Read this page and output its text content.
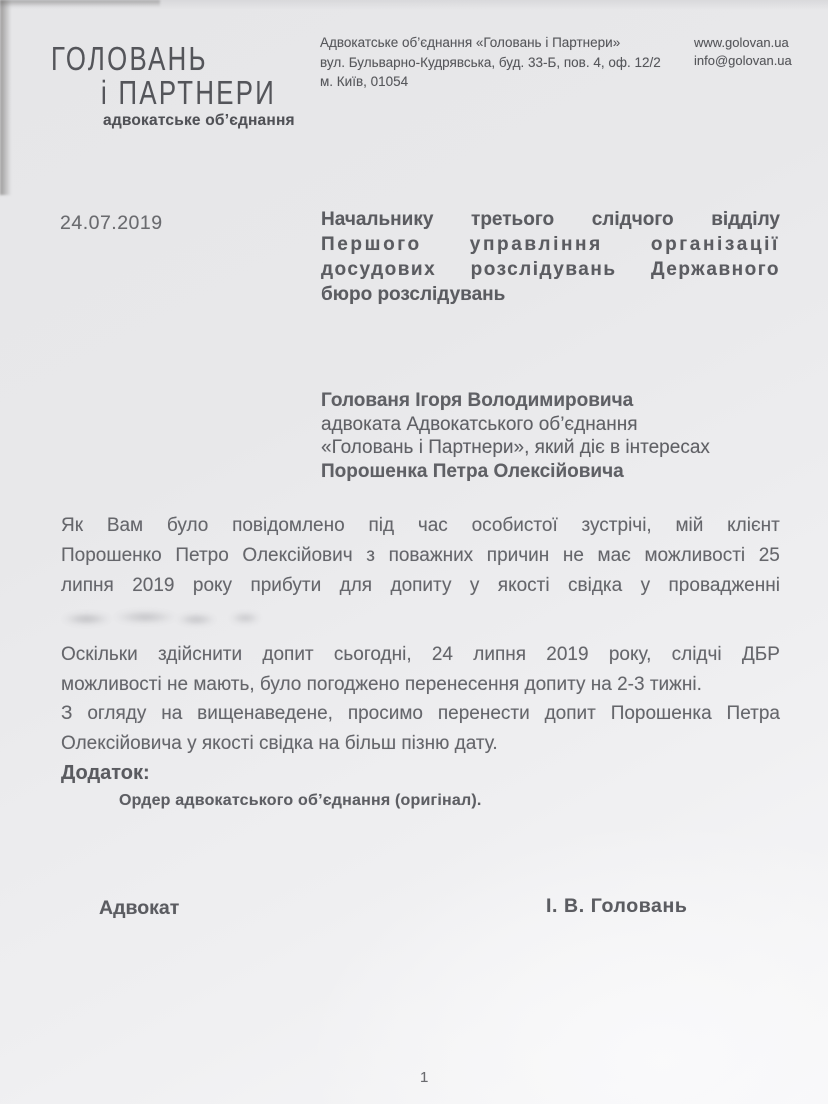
ГОЛОВАНЬ
і ПАРТНЕРИ
адвокатське об’єднання
Адвокатське об’єднання «Головань і Партнери»
вул. Бульварно-Кудрявська, буд. 33-Б, пов. 4, оф. 12/2
м. Київ, 01054
www.golovan.ua
info@golovan.ua
24.07.2019	Начальнику третього слідчого відділу
Першого	управління	організації
досудових розслідувань Державного
бюро розслідувань
Голованя Ігоря Володимировича
адвоката Адвокатського об’єднання
«Головань і Партнери», який діє в інтересах
Порошенка Петра Олексійовича
Як Вам було повідомлено під час особистої зустрічі, мій клієнт
Порошенко Петро Олексійович з поважних причин не має можливості 25
липня 2019 року прибути для допиту у якості свідка у провадженні
Оскільки здійснити допит сьогодні, 24 липня 2019 року, слідчі ДБР
можливості не мають, було погоджено перенесення допиту на 2-3 тижні.
З огляду на вищенаведене, просимо перенести допит Порошенка Петра
Олексійовича у якості свідка на більш пізню дату.
Додаток:
Ордер адвокатського об’єднання (оригінал).
Адвокат	І. В. Головань
1
